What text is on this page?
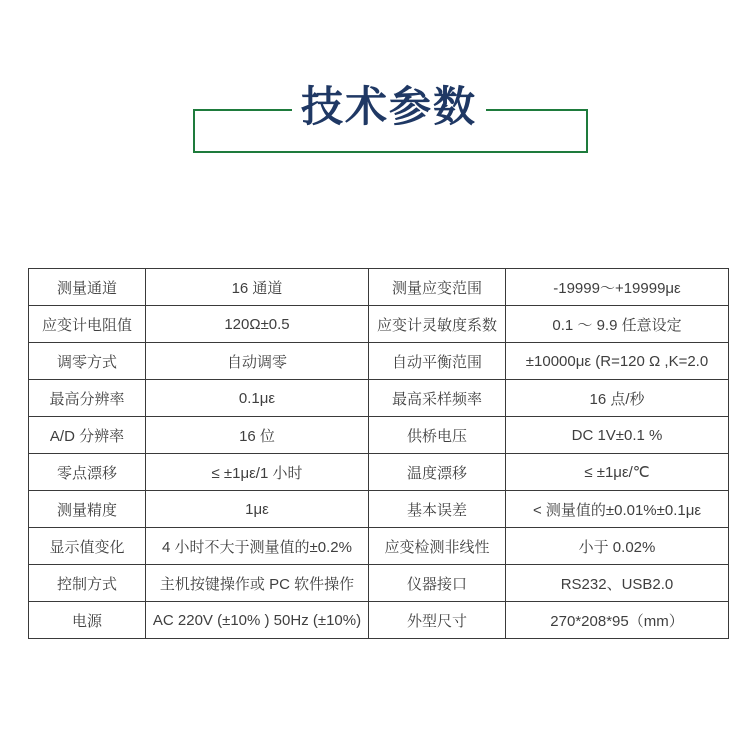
技术参数
测量通道	16 通道	测量应变范围	-19999～+19999με
应变计电阻值	120Ω±0.5	应变计灵敏度系数	0.1 ～ 9.9 任意设定
调零方式	自动调零	自动平衡范围	±10000με (R=120 Ω ,K=2.0
最高分辨率	0.1με	最高采样频率	16 点/秒
A/D 分辨率	16 位	供桥电压	DC 1V±0.1 %
零点漂移	≤ ±1με/1 小时	温度漂移	≤ ±1με/℃
测量精度	1με	基本误差	< 测量值的±0.01%±0.1με
显示值变化	4 小时不大于测量值的±0.2%	应变检测非线性	小于 0.02%
控制方式	主机按键操作或 PC 软件操作	仪器接口	RS232、USB2.0
电源	AC 220V (±10% ) 50Hz (±10%)	外型尺寸	270*208*95（mm）
